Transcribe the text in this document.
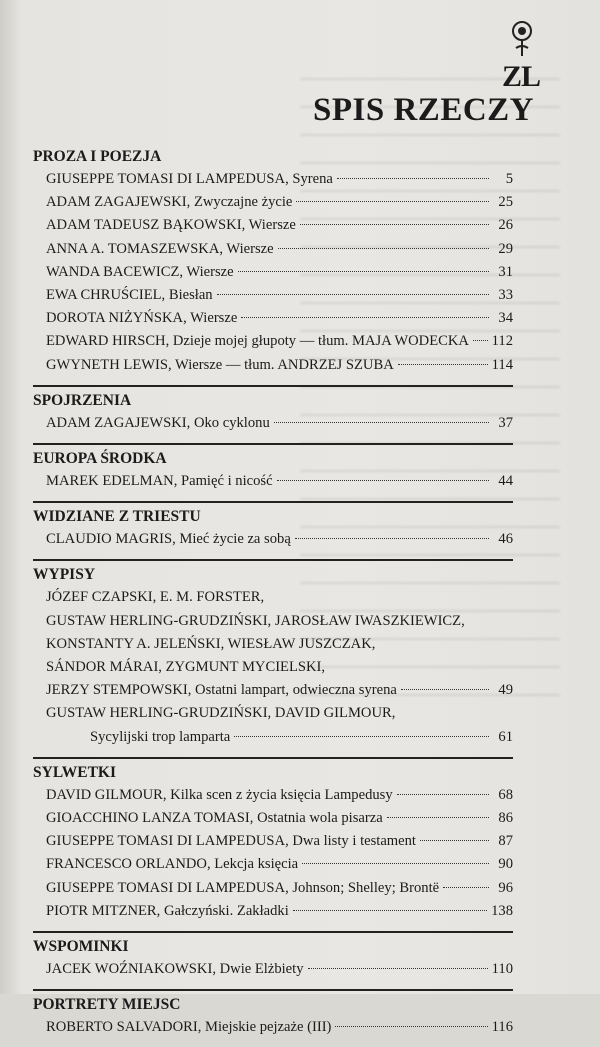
ZL
SPIS RZECZY
PROZA I POEZJA
GIUSEPPE TOMASI DI LAMPEDUSA, Syrena	5
ADAM ZAGAJEWSKI, Zwyczajne życie	25
ADAM TADEUSZ BĄKOWSKI, Wiersze	26
ANNA A. TOMASZEWSKA, Wiersze	29
WANDA BACEWICZ, Wiersze	31
EWA CHRUŚCIEL, Biesłan	33
DOROTA NIŻYŃSKA, Wiersze	34
EDWARD HIRSCH, Dzieje mojej głupoty — tłum. MAJA WODECKA 112
GWYNETH LEWIS, Wiersze — tłum. ANDRZEJ SZUBA	114
SPOJRZENIA
ADAM ZAGAJEWSKI, Oko cyklonu	37
EUROPA ŚRODKA
MAREK EDELMAN, Pamięć i nicość	44
WIDZIANE Z TRIESTU
CLAUDIO MAGRIS, Mieć życie za sobą	46
WYPISY
JÓZEF CZAPSKI, E. M. FORSTER,
GUSTAW HERLING-GRUDZIŃSKI, JAROSŁAW IWASZKIEWICZ,
KONSTANTY A. JELEŃSKI, WIESŁAW JUSZCZAK,
SÁNDOR MÁRAI, ZYGMUNT MYCIELSKI,
JERZY STEMPOWSKI, Ostatni lampart, odwieczna syrena	49
GUSTAW HERLING-GRUDZIŃSKI, DAVID GILMOUR,
Sycylijski trop lamparta	61
SYLWETKI
DAVID GILMOUR, Kilka scen z życia księcia Lampedusy	68
GIOACCHINO LANZA TOMASI, Ostatnia wola pisarza	86
GIUSEPPE TOMASI DI LAMPEDUSA, Dwa listy i testament	87
FRANCESCO ORLANDO, Lekcja księcia	90
GIUSEPPE TOMASI DI LAMPEDUSA, Johnson; Shelley; Brontë	96
PIOTR MITZNER, Gałczyński. Zakładki	138
WSPOMINKI
JACEK WOŹNIAKOWSKI, Dwie Elżbiety	110
PORTRETY MIEJSC
ROBERTO SALVADORI, Miejskie pejzaże (III)	116
